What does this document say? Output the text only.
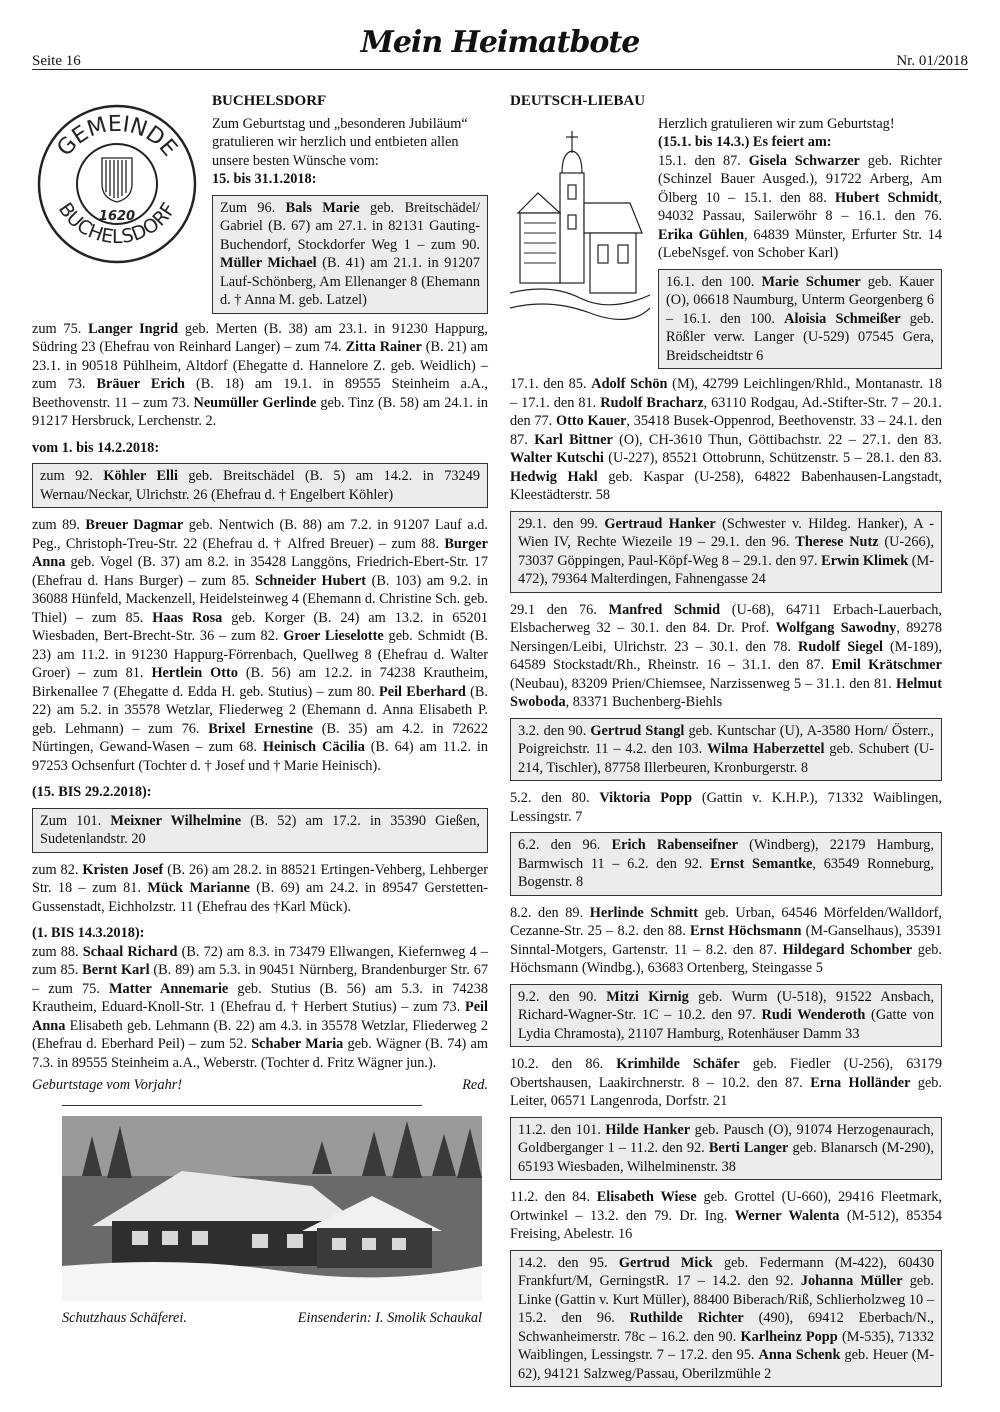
Seite 16
Mein Heimatbote
Nr. 01/2018
GEMEINDE
BUCHELSDORF
1620
BUCHELSDORF
Zum Geburtstag und „besonderen Jubiläum“ gratulieren wir herzlich und entbieten allen unsere besten Wünsche vom:
15. bis 31.1.2018:
Zum 96. Bals Marie geb. Breitschädel/ Gabriel (B. 67) am 27.1. in 82131 Gauting-Buchendorf, Stockdorfer Weg 1 – zum 90. Müller Michael (B. 41) am 21.1. in 91207 Lauf-Schönberg, Am Ellenanger 8 (Ehemann d. † Anna M. geb. Latzel)

zum 75. Langer Ingrid geb. Merten (B. 38) am 23.1. in 91230 Happurg, Südring 23 (Ehefrau von Reinhard Langer) – zum 74. Zitta Rainer (B. 21) am 23.1. in 90518 Pühlheim, Altdorf (Ehegatte d. Hannelore Z. geb. Weidlich) – zum 73. Bräuer Erich (B. 18) am 19.1. in 89555 Steinheim a.A., Beethovenstr. 11 – zum 73. Neumüller Gerlinde geb. Tinz (B. 58) am 24.1. in 91217 Hersbruck, Lerchenstr. 2.

vom 1. bis 14.2.2018:
zum 92. Köhler Elli geb. Breitschädel (B. 5) am 14.2. in 73249 Wernau/Neckar, Ulrichstr. 26 (Ehefrau d. † Engelbert Köhler)

zum 89. Breuer Dagmar geb. Nentwich (B. 88) am 7.2. in 91207 Lauf a.d. Peg., Christoph-Treu-Str. 22 (Ehefrau d. † Alfred Breuer) – zum 88. Burger Anna geb. Vogel (B. 37) am 8.2. in 35428 Langgöns, Friedrich-Ebert-Str. 17 (Ehefrau d. Hans Burger) – zum 85. Schneider Hubert (B. 103) am 9.2. in 36088 Hünfeld, Mackenzell, Heidelsteinweg 4 (Ehemann d. Christine Sch. geb. Thiel) – zum 85. Haas Rosa geb. Korger (B. 24) am 13.2. in 65201 Wiesbaden, Bert-Brecht-Str. 36 – zum 82. Groer Lieselotte geb. Schmidt (B. 23) am 11.2. in 91230 Happurg-Förrenbach, Quellweg 8 (Ehefrau d. Walter Groer) – zum 81. Hertlein Otto (B. 56) am 12.2. in 74238 Krautheim, Birkenallee 7 (Ehegatte d. Edda H. geb. Stutius) – zum 80. Peil Eberhard (B. 22) am 5.2. in 35578 Wetzlar, Fliederweg 2 (Ehemann d. Anna Elisabeth P. geb. Lehmann) – zum 76. Brixel Ernestine (B. 35) am 4.2. in 72622 Nürtingen, Gewand-Wasen – zum 68. Heinisch Cäcilia (B. 64) am 11.2. in 97253 Ochsenfurt (Tochter d. † Josef und † Marie Heinisch).

(15. BIS 29.2.2018):
Zum 101. Meixner Wilhelmine (B. 52) am 17.2. in 35390 Gießen, Sudetenlandstr. 20

zum 82. Kristen Josef (B. 26) am 28.2. in 88521 Ertingen-Vehberg, Lehberger Str. 18 – zum 81. Mück Marianne (B. 69) am 24.2. in 89547 Gerstetten-Gussenstadt, Eichholzstr. 11 (Ehefrau des †Karl Mück).

(1. BIS 14.3.2018):

zum 88. Schaal Richard (B. 72) am 8.3. in 73479 Ellwangen, Kiefernweg 4 – zum 85. Bernt Karl (B. 89) am 5.3. in 90451 Nürnberg, Brandenburger Str. 67 – zum 75. Matter Annemarie geb. Stutius (B. 56) am 5.3. in 74238 Krautheim, Eduard-Knoll-Str. 1 (Ehefrau d. † Herbert Stutius) – zum 73. Peil Anna Elisabeth geb. Lehmann (B. 22) am 4.3. in 35578 Wetzlar, Fliederweg 2 (Ehefrau d. Eberhard Peil) – zum 52. Schaber Maria geb. Wägner (B. 74) am 7.3. in 89555 Steinheim a.A., Weberstr. (Tochter d. Fritz Wägner jun.).

Geburtstage vom Vorjahr!	Red.
Schutzhaus Schäferei.	Einsenderin: I. Smolik Schaukal
DEUTSCH-LIEBAU
Herzlich gratulieren wir zum Geburtstag!
(15.1. bis 14.3.) Es feiert am:

15.1. den 87. Gisela Schwarzer geb. Richter (Schinzel Bauer Ausged.), 91722 Arberg, Am Ölberg 10 – 15.1. den 88. Hubert Schmidt, 94032 Passau, Sailerwöhr 8 – 16.1. den 76. Erika Gühlen, 64839 Münster, Erfurter Str. 14 (LebeNsgef. von Schober Karl)

16.1. den 100. Marie Schumer geb. Kauer (O), 06618 Naumburg, Unterm Georgenberg 6 – 16.1. den 100. Aloisia Schmeißer geb. Rößler verw. Langer (U-529) 07545 Gera, Breidscheidtstr 6

17.1. den 85. Adolf Schön (M), 42799 Leichlingen/Rhld., Montanastr. 18 – 17.1. den 81. Rudolf Bracharz, 63110 Rodgau, Ad.-Stifter-Str. 7 – 20.1. den 77. Otto Kauer, 35418 Busek-Oppenrod, Beethovenstr. 33 – 24.1. den 87. Karl Bittner (O), CH-3610 Thun, Göttibachstr. 22 – 27.1. den 83. Walter Kutschi (U-227), 85521 Ottobrunn, Schützenstr. 5 – 28.1. den 83. Hedwig Hakl geb. Kaspar (U-258), 64822 Babenhausen-Langstadt, Kleestädterstr. 58

29.1. den 99. Gertraud Hanker (Schwester v. Hildeg. Hanker), A - Wien IV, Rechte Wiezeile 19 – 29.1. den 96. Therese Nutz (U-266), 73037 Göppingen, Paul-Köpf-Weg 8 – 29.1. den 97. Erwin Klimek (M-472), 79364 Malterdingen, Fahnengasse 24

29.1 den 76. Manfred Schmid (U-68), 64711 Erbach-Lauerbach, Elsbacherweg 32 – 30.1. den 84. Dr. Prof. Wolfgang Sawodny, 89278 Nersingen/Leibi, Ulrichstr. 23 – 30.1. den 78. Rudolf Siegel (M-189), 64589 Stockstadt/Rh., Rheinstr. 16 – 31.1. den 87. Emil Krätschmer (Neubau), 83209 Prien/Chiemsee, Narzissenweg 5 – 31.1. den 81. Helmut Swoboda, 83371 Buchenberg-Biehls

3.2. den 90. Gertrud Stangl geb. Kuntschar (U), A-3580 Horn/ Österr., Poigreichstr. 11 – 4.2. den 103. Wilma Haberzettel geb. Schubert (U-214, Tischler), 87758 Illerbeuren, Kronburgerstr. 8

5.2. den 80. Viktoria Popp (Gattin v. K.H.P.), 71332 Waiblingen, Lessingstr. 7

6.2. den 96. Erich Rabenseifner (Windberg), 22179 Hamburg, Barmwisch 11 – 6.2. den 92. Ernst Semantke, 63549 Ronneburg, Bogenstr. 8

8.2. den 89. Herlinde Schmitt geb. Urban, 64546 Mörfelden/Walldorf, Cezanne-Str. 25 – 8.2. den 88. Ernst Höchsmann (M-Ganselhaus), 35391 Sinntal-Motgers, Gartenstr. 11 – 8.2. den 87. Hildegard Schomber geb. Höchsmann (Windbg.), 63683 Ortenberg, Steingasse 5

9.2. den 90. Mitzi Kirnig geb. Wurm (U-518), 91522 Ansbach, Richard-Wagner-Str. 1C – 10.2. den 97. Rudi Wenderoth (Gatte von Lydia Chramosta), 21107 Hamburg, Rotenhäuser Damm 33

10.2. den 86. Krimhilde Schäfer geb. Fiedler (U-256), 63179 Obertshausen, Laakirchnerstr. 8 – 10.2. den 87. Erna Holländer geb. Leiter, 06571 Langenroda, Dorfstr. 21

11.2. den 101. Hilde Hanker geb. Pausch (O), 91074 Herzogenaurach, Goldberganger 1 – 11.2. den 92. Berti Langer geb. Blanarsch (M-290), 65193 Wiesbaden, Wilhelminenstr. 38

11.2. den 84. Elisabeth Wiese geb. Grottel (U-660), 29416 Fleetmark, Ortwinkel – 13.2. den 79. Dr. Ing. Werner Walenta (M-512), 85354 Freising, Abelestr. 16

14.2. den 95. Gertrud Mick geb. Federmann (M-422), 60430 Frankfurt/M, GerningstR. 17 – 14.2. den 92. Johanna Müller geb. Linke (Gattin v. Kurt Müller), 88400 Biberach/Riß, Schlierholzweg 10 – 15.2. den 96. Ruthilde Richter (490), 69412 Eberbach/N., Schwanheimerstr. 78c – 16.2. den 90. Karlheinz Popp (M-535), 71332 Waiblingen, Lessingstr. 7 – 17.2. den 95. Anna Schenk geb. Heuer (M-62), 94121 Salzweg/Passau, Oberilzmühle 2
